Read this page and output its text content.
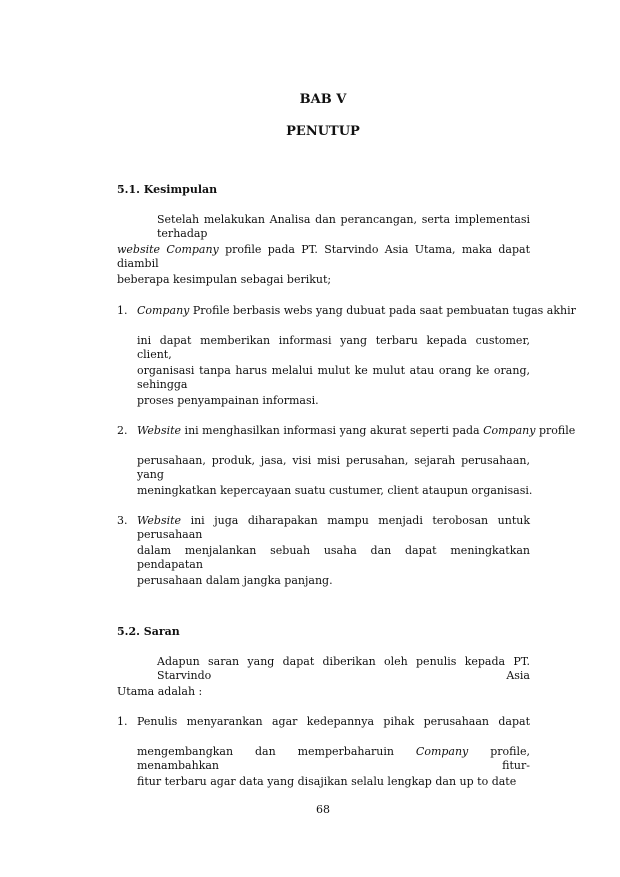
BAB V
PENUTUP
5.1. Kesimpulan
Setelah melakukan Analisa dan perancangan, serta implementasi terhadap
website Company profile pada PT. Starvindo Asia Utama, maka dapat diambil
beberapa kesimpulan sebagai berikut;
1. Company Profile berbasis webs yang dubuat pada saat pembuatan tugas akhir
ini dapat memberikan informasi yang terbaru kepada customer, client,
organisasi tanpa harus melalui mulut ke mulut atau orang ke orang, sehingga
proses penyampainan informasi.
2. Website ini menghasilkan informasi yang akurat seperti pada Company profile
perusahaan, produk, jasa, visi misi perusahan, sejarah perusahaan, yang
meningkatkan kepercayaan suatu custumer, client ataupun organisasi.
3. Website ini juga diharapakan mampu menjadi terobosan untuk perusahaan
dalam menjalankan sebuah usaha dan dapat meningkatkan pendapatan
perusahaan dalam jangka panjang.
5.2. Saran
Adapun saran yang dapat diberikan oleh penulis kepada PT. Starvindo Asia
Utama adalah :
1. Penulis menyarankan agar kedepannya pihak perusahaan dapat
mengembangkan dan memperbaharuin Company profile, menambahkan fitur-
fitur terbaru agar data yang disajikan selalu lengkap dan up to date
68
